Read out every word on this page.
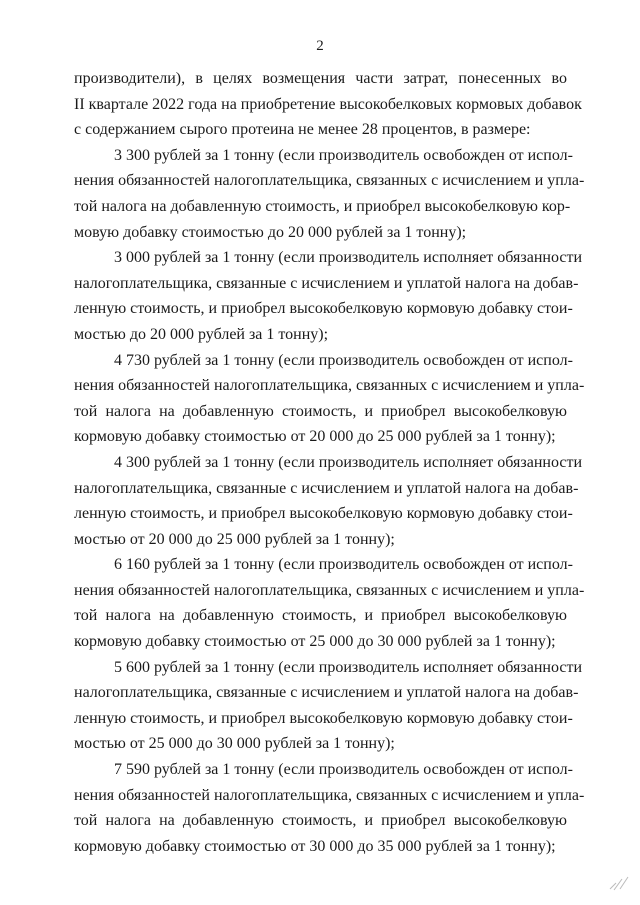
2

производители), в целях возмещения части затрат, понесенных во
II квартале 2022 года на приобретение высокобелковых кормовых добавок
с содержанием сырого протеина не менее 28 процентов, в размере:

3 300 рублей за 1 тонну (если производитель освобожден от испол-
нения обязанностей налогоплательщика, связанных с исчислением и упла-
той налога на добавленную стоимость, и приобрел высокобелковую кор-
мовую добавку стоимостью до 20 000 рублей за 1 тонну);

3 000 рублей за 1 тонну (если производитель исполняет обязанности
налогоплательщика, связанные с исчислением и уплатой налога на добав-
ленную стоимость, и приобрел высокобелковую кормовую добавку стои-
мостью до 20 000 рублей за 1 тонну);

4 730 рублей за 1 тонну (если производитель освобожден от испол-
нения обязанностей налогоплательщика, связанных с исчислением и упла-
той налога на добавленную стоимость, и приобрел высокобелковую
кормовую добавку стоимостью от 20 000 до 25 000 рублей за 1 тонну);

4 300 рублей за 1 тонну (если производитель исполняет обязанности
налогоплательщика, связанные с исчислением и уплатой налога на добав-
ленную стоимость, и приобрел высокобелковую кормовую добавку стои-
мостью от 20 000 до 25 000 рублей за 1 тонну);

6 160 рублей за 1 тонну (если производитель освобожден от испол-
нения обязанностей налогоплательщика, связанных с исчислением и упла-
той налога на добавленную стоимость, и приобрел высокобелковую
кормовую добавку стоимостью от 25 000 до 30 000 рублей за 1 тонну);

5 600 рублей за 1 тонну (если производитель исполняет обязанности
налогоплательщика, связанные с исчислением и уплатой налога на добав-
ленную стоимость, и приобрел высокобелковую кормовую добавку стои-
мостью от 25 000 до 30 000 рублей за 1 тонну);

7 590 рублей за 1 тонну (если производитель освобожден от испол-
нения обязанностей налогоплательщика, связанных с исчислением и упла-
той налога на добавленную стоимость, и приобрел высокобелковую
кормовую добавку стоимостью от 30 000 до 35 000 рублей за 1 тонну);
